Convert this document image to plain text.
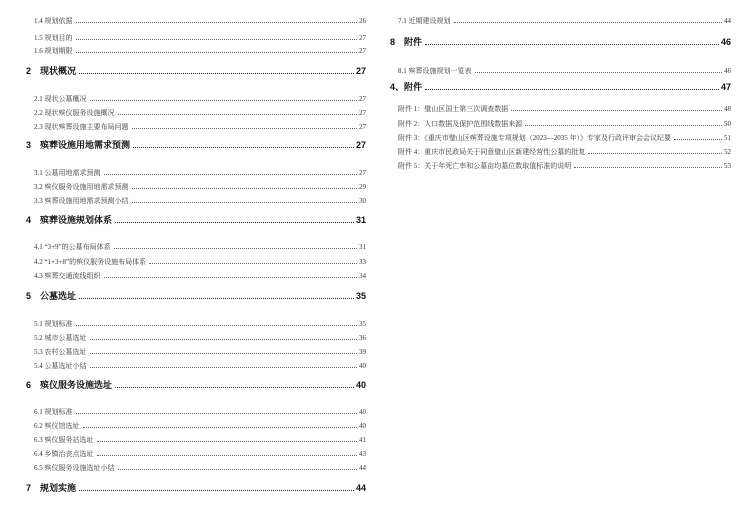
1.4 规划依据	26
1.5 规划目的	27
1.6 规划期限	27
2 现状概况	27
2.1 现状公墓概况	27
2.2 现状殡仪服务设施概况	27
2.3 现状殡葬设施主要布局问题	27
3 殡葬设施用地需求预测	27
3.1 公墓用地需求预测	27
3.2 殡仪服务设施用地需求预测	29
3.3 殡葬设施用地需求预测小结	30
4 殡葬设施规划体系	31
4.1 “3+9”的公墓布局体系	31
4.2 “1+3+8”的殡仪服务设施布局体系	33
4.3 殡葬交通流线组织	34
5 公墓选址	35
5.1 规划标准	35
5.2 城市公墓选址	36
5.3 农村公墓选址	39
5.4 公墓选址小结	40
6 殡仪服务设施选址	40
6.1 规划标准	40
6.2 殡仪馆选址	40
6.3 殡仪服务站选址	41
6.4 乡镇治丧点选址	43
6.5 殡仪服务设施选址小结	44
7 规划实施	44
7.1 近期建设规划	44
8 附件	46
8.1 殡葬设施规划一览表	46
4、附件	47
附件 1：璧山区国土第三次调查数据	48
附件 2：人口数据及保护范围线数据来源	50
附件 3：《重庆市璧山区殡葬设施专项规划（2023—2035 年）》专家及行政评审会会议纪要	51
附件 4：重庆市民政局关于同意璧山区新建经营性公墓的批复	52
附件 5：关于年死亡率和公墓亩均墓位数取值标准的说明	53
